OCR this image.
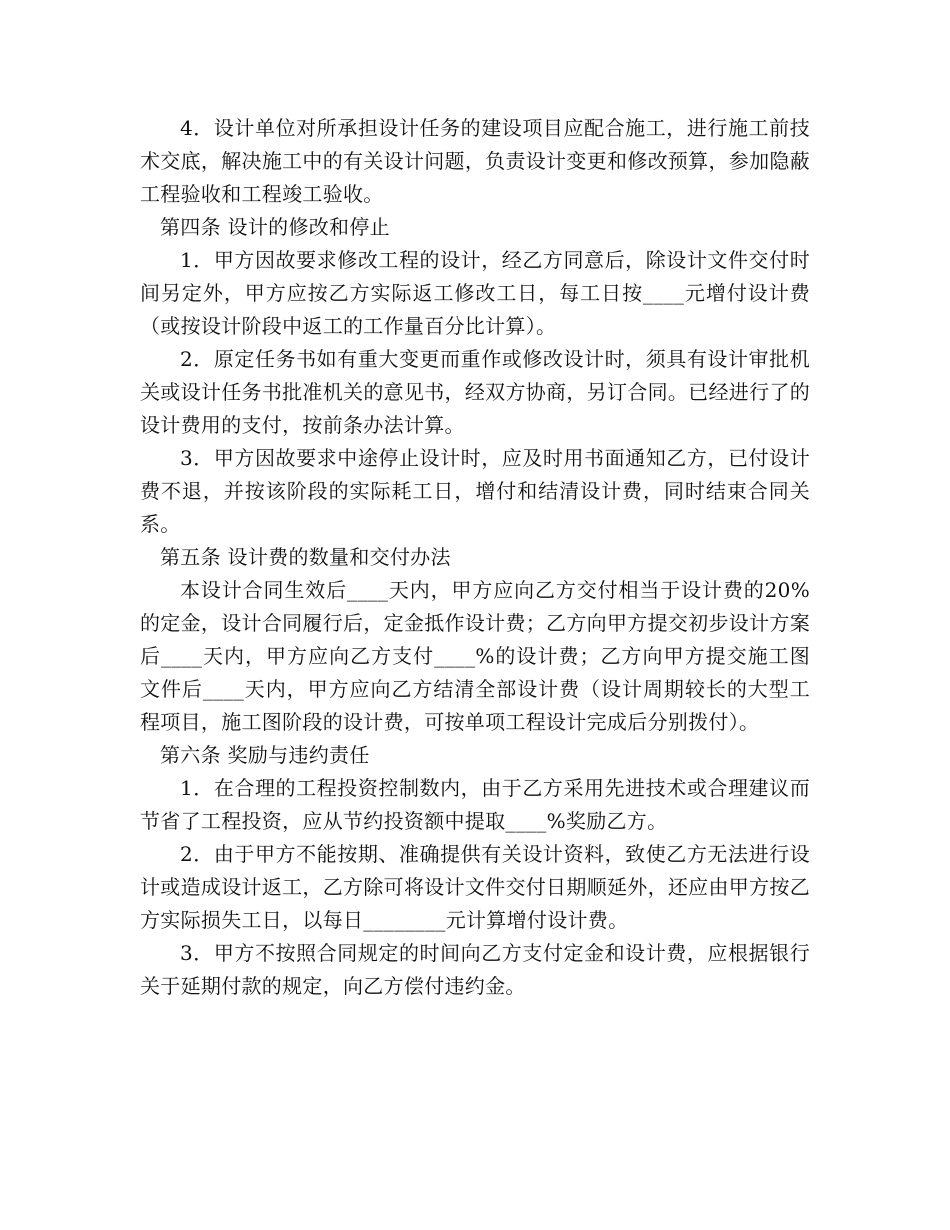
4．设计单位对所承担设计任务的建设项目应配合施工，进行施工前技术交底，解决施工中的有关设计问题，负责设计变更和修改预算，参加隐蔽工程验收和工程竣工验收。

第四条 设计的修改和停止

1．甲方因故要求修改工程的设计，经乙方同意后，除设计文件交付时间另定外，甲方应按乙方实际返工修改工日，每工日按____元增付设计费（或按设计阶段中返工的工作量百分比计算）。

2．原定任务书如有重大变更而重作或修改设计时，须具有设计审批机关或设计任务书批准机关的意见书，经双方协商，另订合同。已经进行了的设计费用的支付，按前条办法计算。

3．甲方因故要求中途停止设计时，应及时用书面通知乙方，已付设计费不退，并按该阶段的实际耗工日，增付和结清设计费，同时结束合同关系。

第五条 设计费的数量和交付办法

本设计合同生效后____天内，甲方应向乙方交付相当于设计费的20%的定金，设计合同履行后，定金抵作设计费；乙方向甲方提交初步设计方案后____天内，甲方应向乙方支付____%的设计费；乙方向甲方提交施工图文件后____天内，甲方应向乙方结清全部设计费（设计周期较长的大型工程项目，施工图阶段的设计费，可按单项工程设计完成后分别拨付）。

第六条 奖励与违约责任

1．在合理的工程投资控制数内，由于乙方采用先进技术或合理建议而节省了工程投资，应从节约投资额中提取____%奖励乙方。

2．由于甲方不能按期、准确提供有关设计资料，致使乙方无法进行设计或造成设计返工，乙方除可将设计文件交付日期顺延外，还应由甲方按乙方实际损失工日，以每日________元计算增付设计费。

3．甲方不按照合同规定的时间向乙方支付定金和设计费，应根据银行关于延期付款的规定，向乙方偿付违约金。
